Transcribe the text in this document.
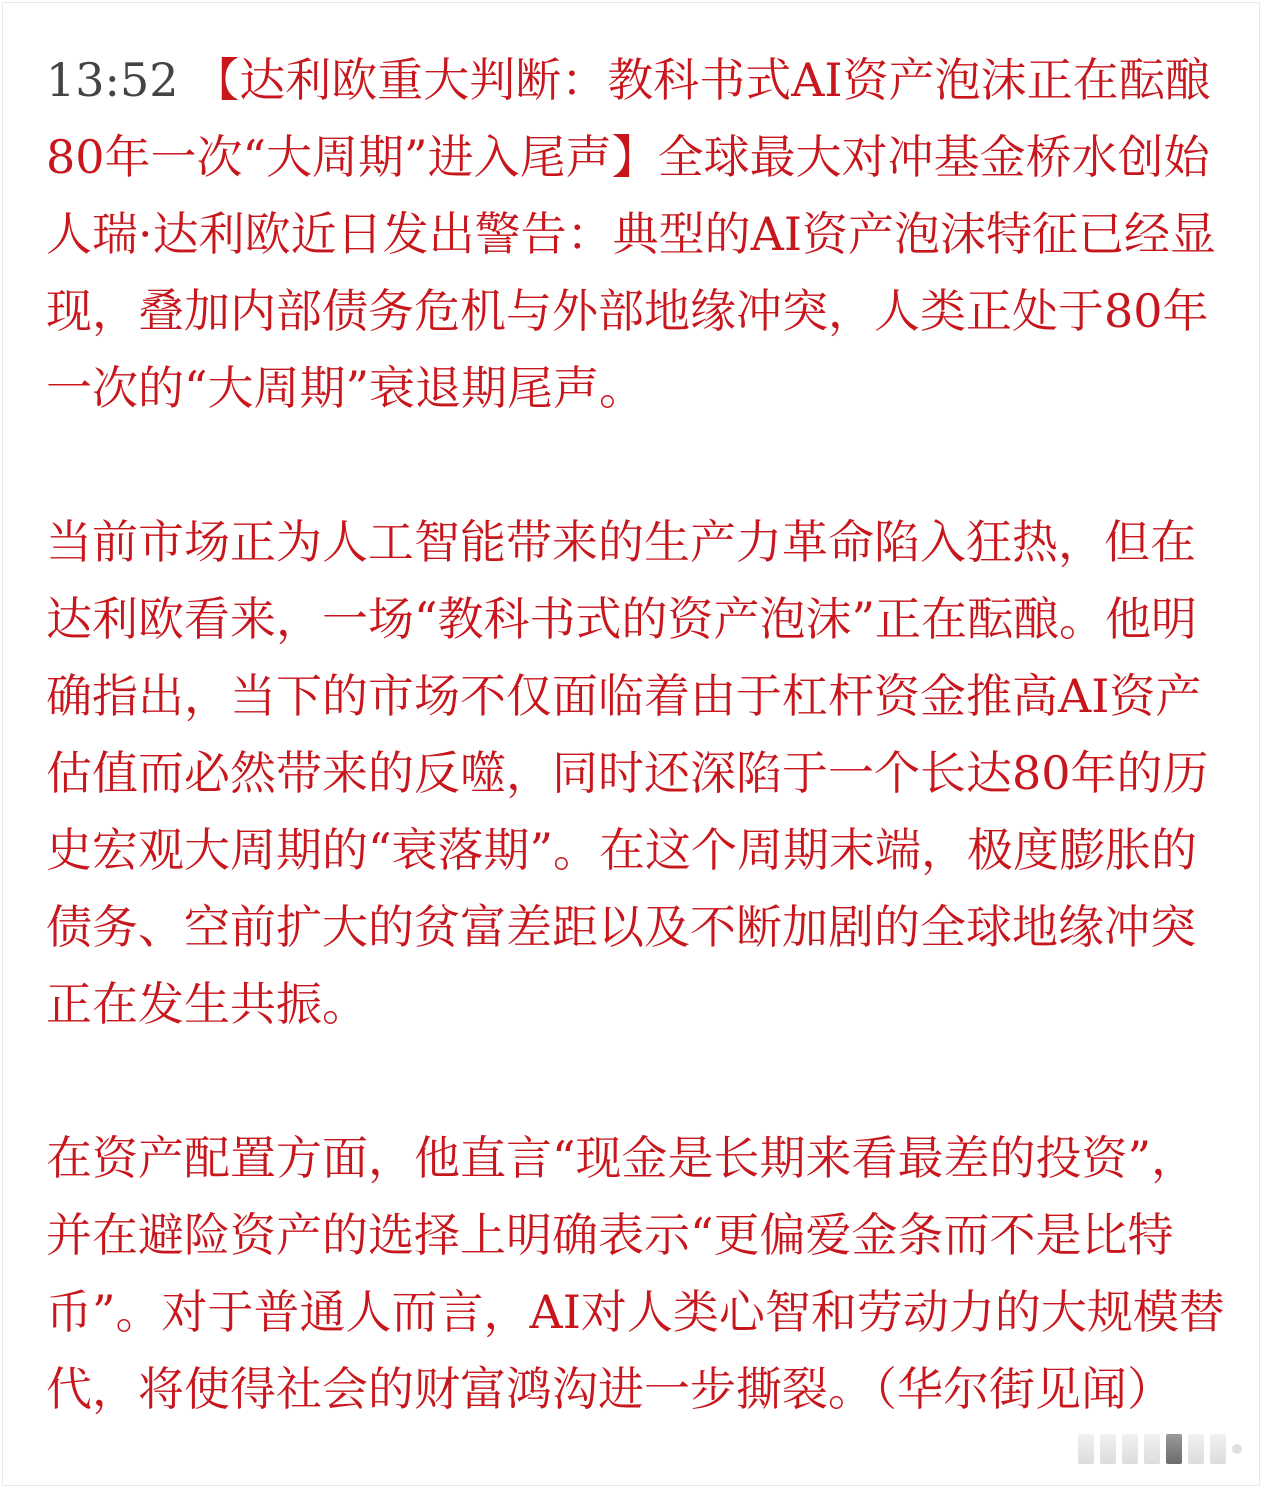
13:52 【达利欧重大判断：教科书式AI资产泡沫正在酝酿 80年一次“大周期”进入尾声】全球最大对冲基金桥水创始人瑞·达利欧近日发出警告：典型的AI资产泡沫特征已经显现，叠加内部债务危机与外部地缘冲突，人类正处于80年一次的“大周期”衰退期尾声。

当前市场正为人工智能带来的生产力革命陷入狂热，但在达利欧看来，一场“教科书式的资产泡沫”正在酝酿。他明确指出，当下的市场不仅面临着由于杠杆资金推高AI资产估值而必然带来的反噬，同时还深陷于一个长达80年的历史宏观大周期的“衰落期”。在这个周期末端，极度膨胀的债务、空前扩大的贫富差距以及不断加剧的全球地缘冲突正在发生共振。

在资产配置方面，他直言“现金是长期来看最差的投资”，并在避险资产的选择上明确表示“更偏爱金条而不是比特币”。对于普通人而言，AI对人类心智和劳动力的大规模替代，将使得社会的财富鸿沟进一步撕裂。（华尔街见闻）
